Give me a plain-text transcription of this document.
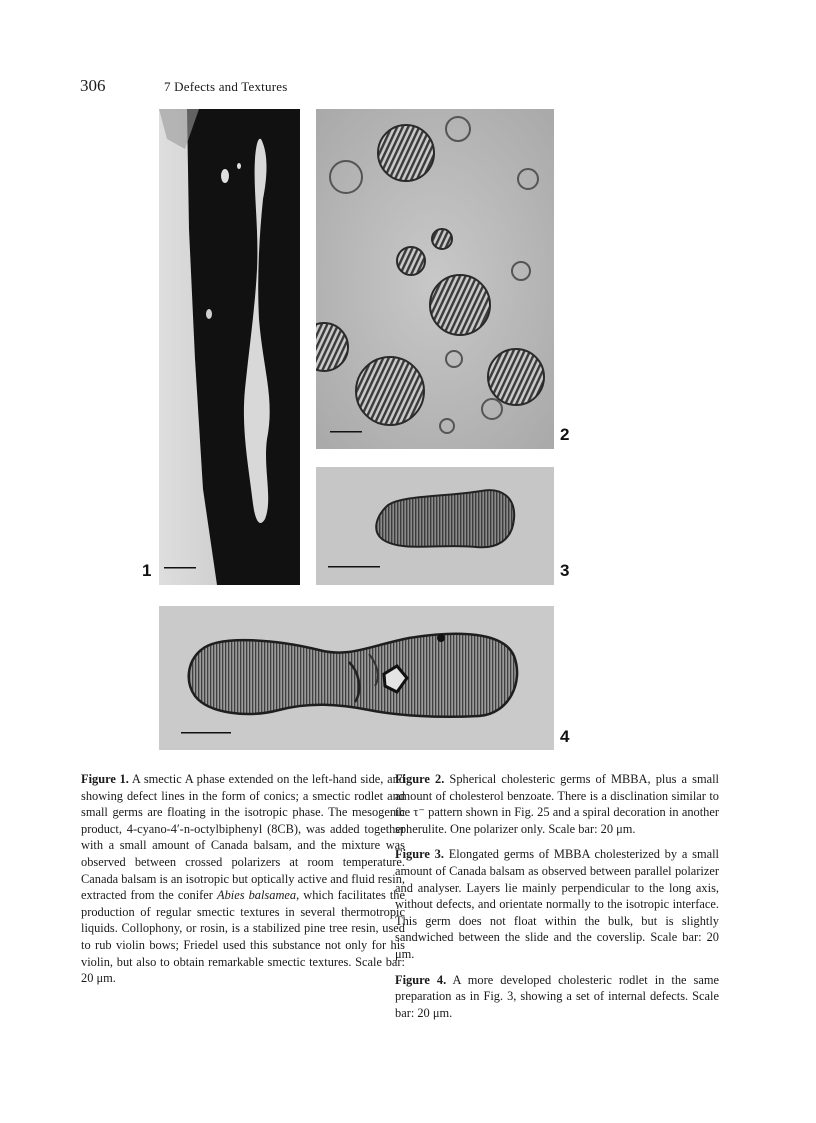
306	7 Defects and Textures
1
2
3
4

Figure 1. A smectic A phase extended on the left-hand side, and showing defect lines in the form of conics; a smectic rodlet and small germs are floating in the isotropic phase. The mesogenic product, 4-cyano-4′-n-octylbiphenyl (8CB), was added together with a small amount of Canada balsam, and the mixture was observed between crossed polarizers at room temperature. Canada balsam is an isotropic but optically active and fluid resin, extracted from the conifer Abies balsamea, which facilitates the production of regular smectic textures in several thermotropic liquids. Collophony, or rosin, is a stabilized pine tree resin, used to rub violin bows; Friedel used this substance not only for his violin, but also to obtain remarkable smectic textures. Scale bar: 20 μm.

Figure 2. Spherical cholesteric germs of MBBA, plus a small amount of cholesterol benzoate. There is a disclination similar to the τ⁻ pattern shown in Fig. 25 and a spiral decoration in another spherulite. One polarizer only. Scale bar: 20 μm.

Figure 3. Elongated germs of MBBA cholesterized by a small amount of Canada balsam as observed between parallel polarizer and analyser. Layers lie mainly perpendicular to the long axis, without defects, and orientate normally to the isotropic interface. This germ does not float within the bulk, but is slightly sandwiched between the slide and the coverslip. Scale bar: 20 μm.

Figure 4. A more developed cholesteric rodlet in the same preparation as in Fig. 3, showing a set of internal defects. Scale bar: 20 μm.
